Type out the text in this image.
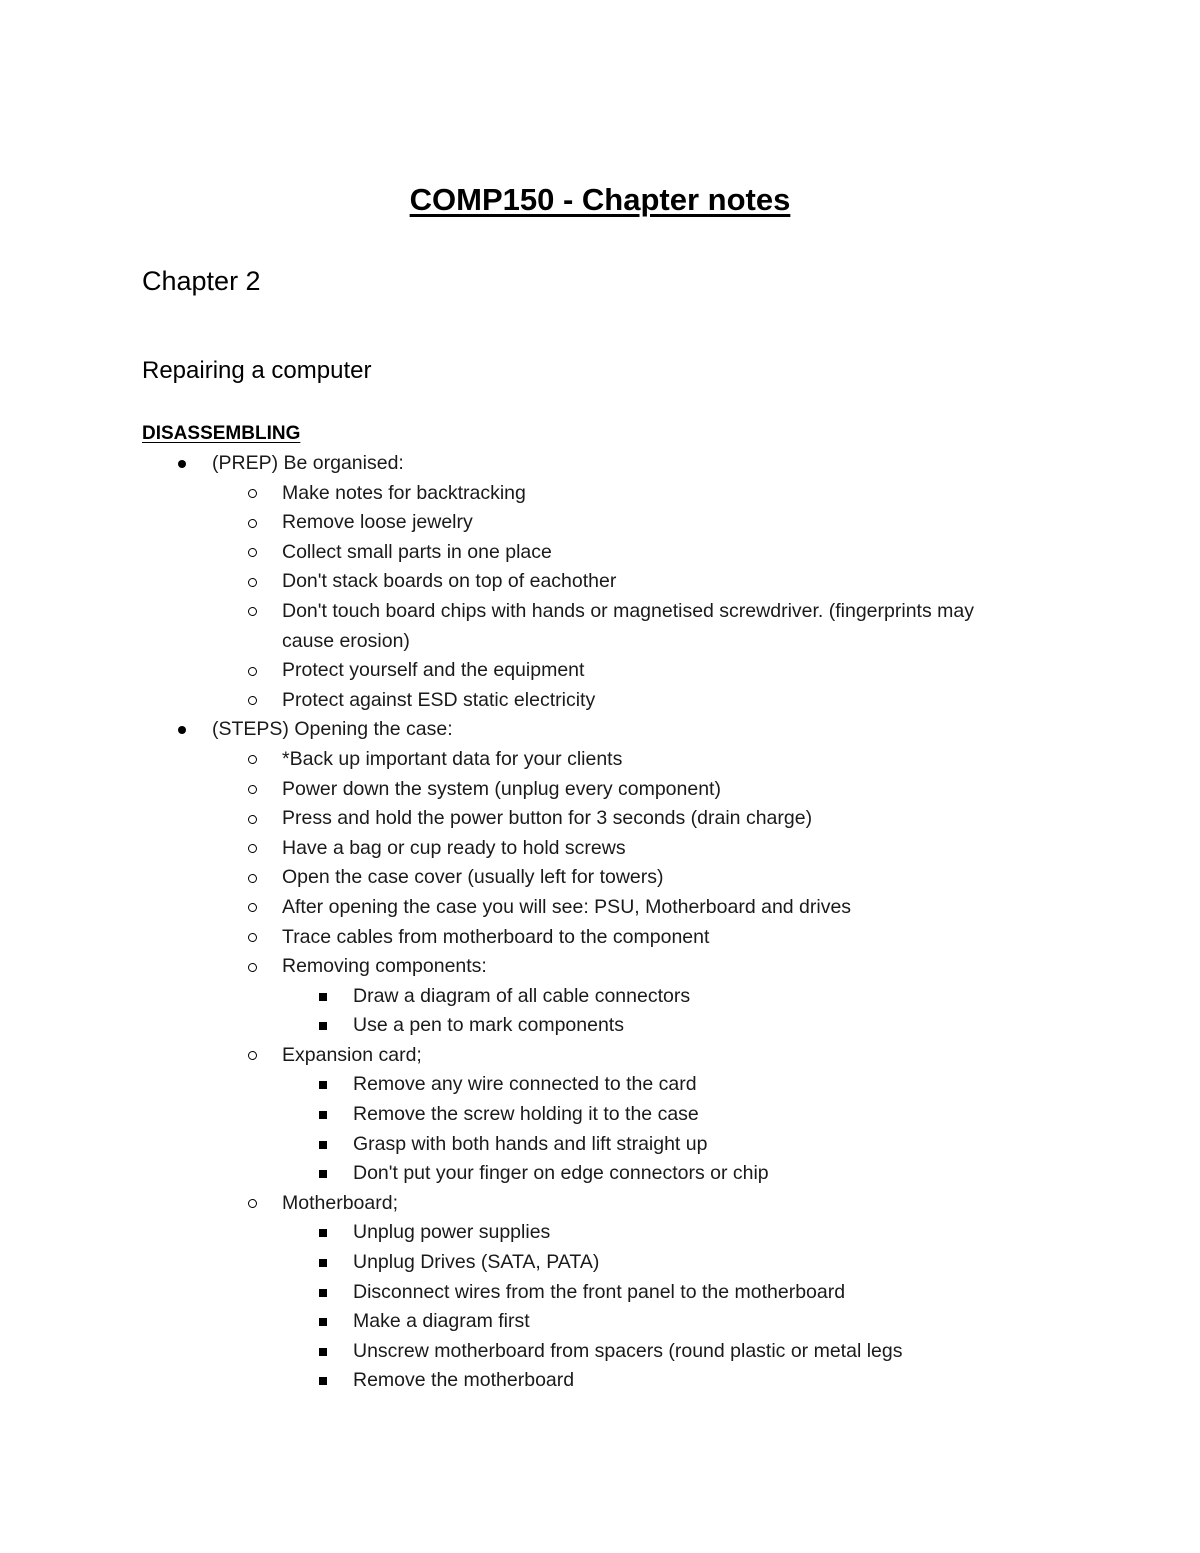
COMP150 - Chapter notes
Chapter 2
Repairing a computer
DISASSEMBLING
(PREP) Be organised:
Make notes for backtracking
Remove loose jewelry
Collect small parts in one place
Don't stack boards on top of eachother
Don't touch board chips with hands or magnetised screwdriver. (fingerprints may
cause erosion)
Protect yourself and the equipment
Protect against ESD static electricity
(STEPS) Opening the case:
*Back up important data for your clients
Power down the system (unplug every component)
Press and hold the power button for 3 seconds (drain charge)
Have a bag or cup ready to hold screws
Open the case cover (usually left for towers)
After opening the case you will see: PSU, Motherboard and drives
Trace cables from motherboard to the component
Removing components:
Draw a diagram of all cable connectors
Use a pen to mark components
Expansion card;
Remove any wire connected to the card
Remove the screw holding it to the case
Grasp with both hands and lift straight up
Don't put your finger on edge connectors or chip
Motherboard;
Unplug power supplies
Unplug Drives (SATA, PATA)
Disconnect wires from the front panel to the motherboard
Make a diagram first
Unscrew motherboard from spacers (round plastic or metal legs
Remove the motherboard
